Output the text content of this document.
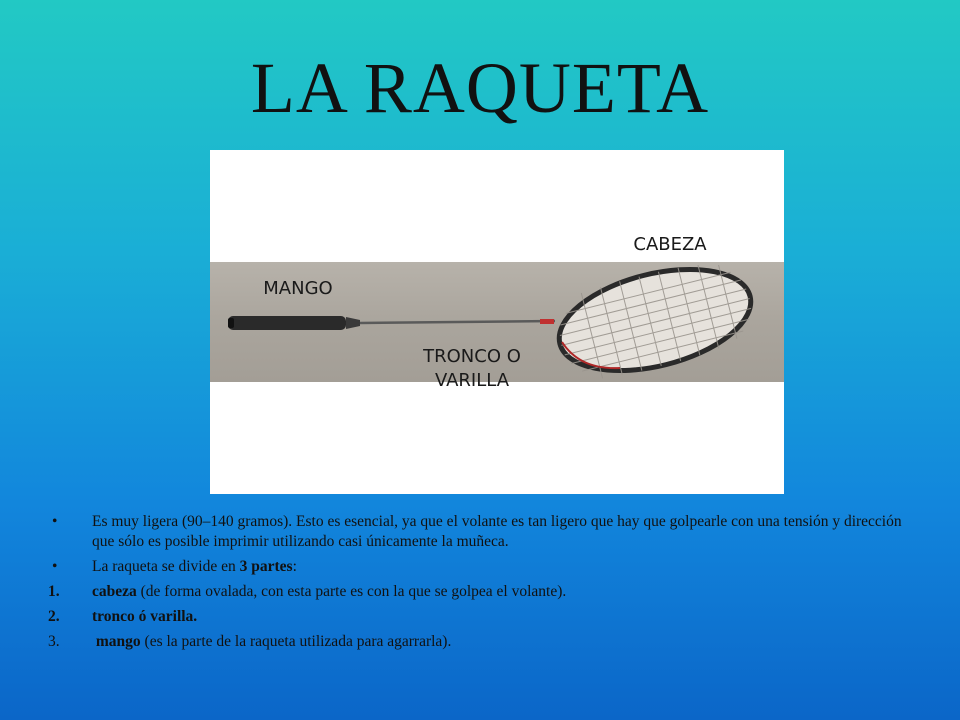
LA RAQUETA
CABEZA
MANGO
TRONCO O
VARILLA
•	Es muy ligera (90–140 gramos). Esto es esencial, ya que el volante es tan ligero que hay que golpearle con una tensión y dirección que sólo es posible imprimir utilizando casi únicamente la muñeca.
•	La raqueta se divide en 3 partes:
1.	cabeza (de forma ovalada, con esta parte es con la que se golpea el volante).
2.	tronco ó varilla.
3.	mango (es la parte de la raqueta utilizada para agarrarla).
